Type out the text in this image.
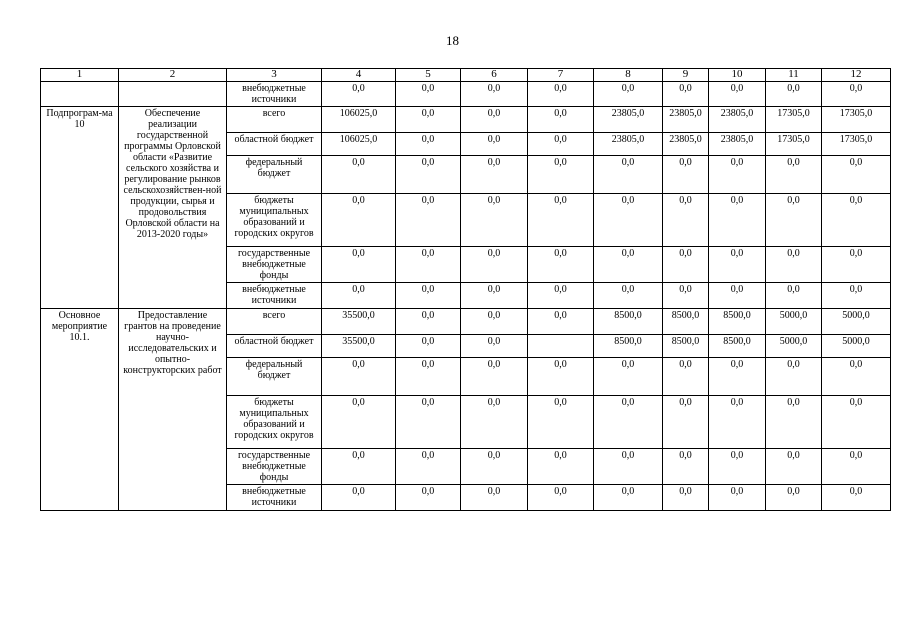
18
1	2	3	4	5	6	7	8	9	10	11	12
		внебюджетные источники	0,0	0,0	0,0	0,0	0,0	0,0	0,0	0,0	0,0
Подпрограм-ма 10	Обеспечение реализации государственной программы Орловской области «Развитие сельского хозяйства и регулирование рынков сельскохозяйствен-ной продукции, сырья и продовольствия Орловской области на 2013-2020 годы»	всего	106025,0	0,0	0,0	0,0	23805,0	23805,0	23805,0	17305,0	17305,0
		областной бюджет	106025,0	0,0	0,0	0,0	23805,0	23805,0	23805,0	17305,0	17305,0
		федеральный бюджет	0,0	0,0	0,0	0,0	0,0	0,0	0,0	0,0	0,0
		бюджеты муниципальных образований и городских округов	0,0	0,0	0,0	0,0	0,0	0,0	0,0	0,0	0,0
		государственные внебюджетные фонды	0,0	0,0	0,0	0,0	0,0	0,0	0,0	0,0	0,0
		внебюджетные источники	0,0	0,0	0,0	0,0	0,0	0,0	0,0	0,0	0,0
Основное мероприятие 10.1.	Предоставление грантов на проведение научно-исследовательских и опытно-конструкторских работ	всего	35500,0	0,0	0,0	0,0	8500,0	8500,0	8500,0	5000,0	5000,0
		областной бюджет	35500,0	0,0	0,0		8500,0	8500,0	8500,0	5000,0	5000,0
		федеральный бюджет	0,0	0,0	0,0	0,0	0,0	0,0	0,0	0,0	0,0
		бюджеты муниципальных образований и городских округов	0,0	0,0	0,0	0,0	0,0	0,0	0,0	0,0	0,0
		государственные внебюджетные фонды	0,0	0,0	0,0	0,0	0,0	0,0	0,0	0,0	0,0
		внебюджетные источники	0,0	0,0	0,0	0,0	0,0	0,0	0,0	0,0	0,0
